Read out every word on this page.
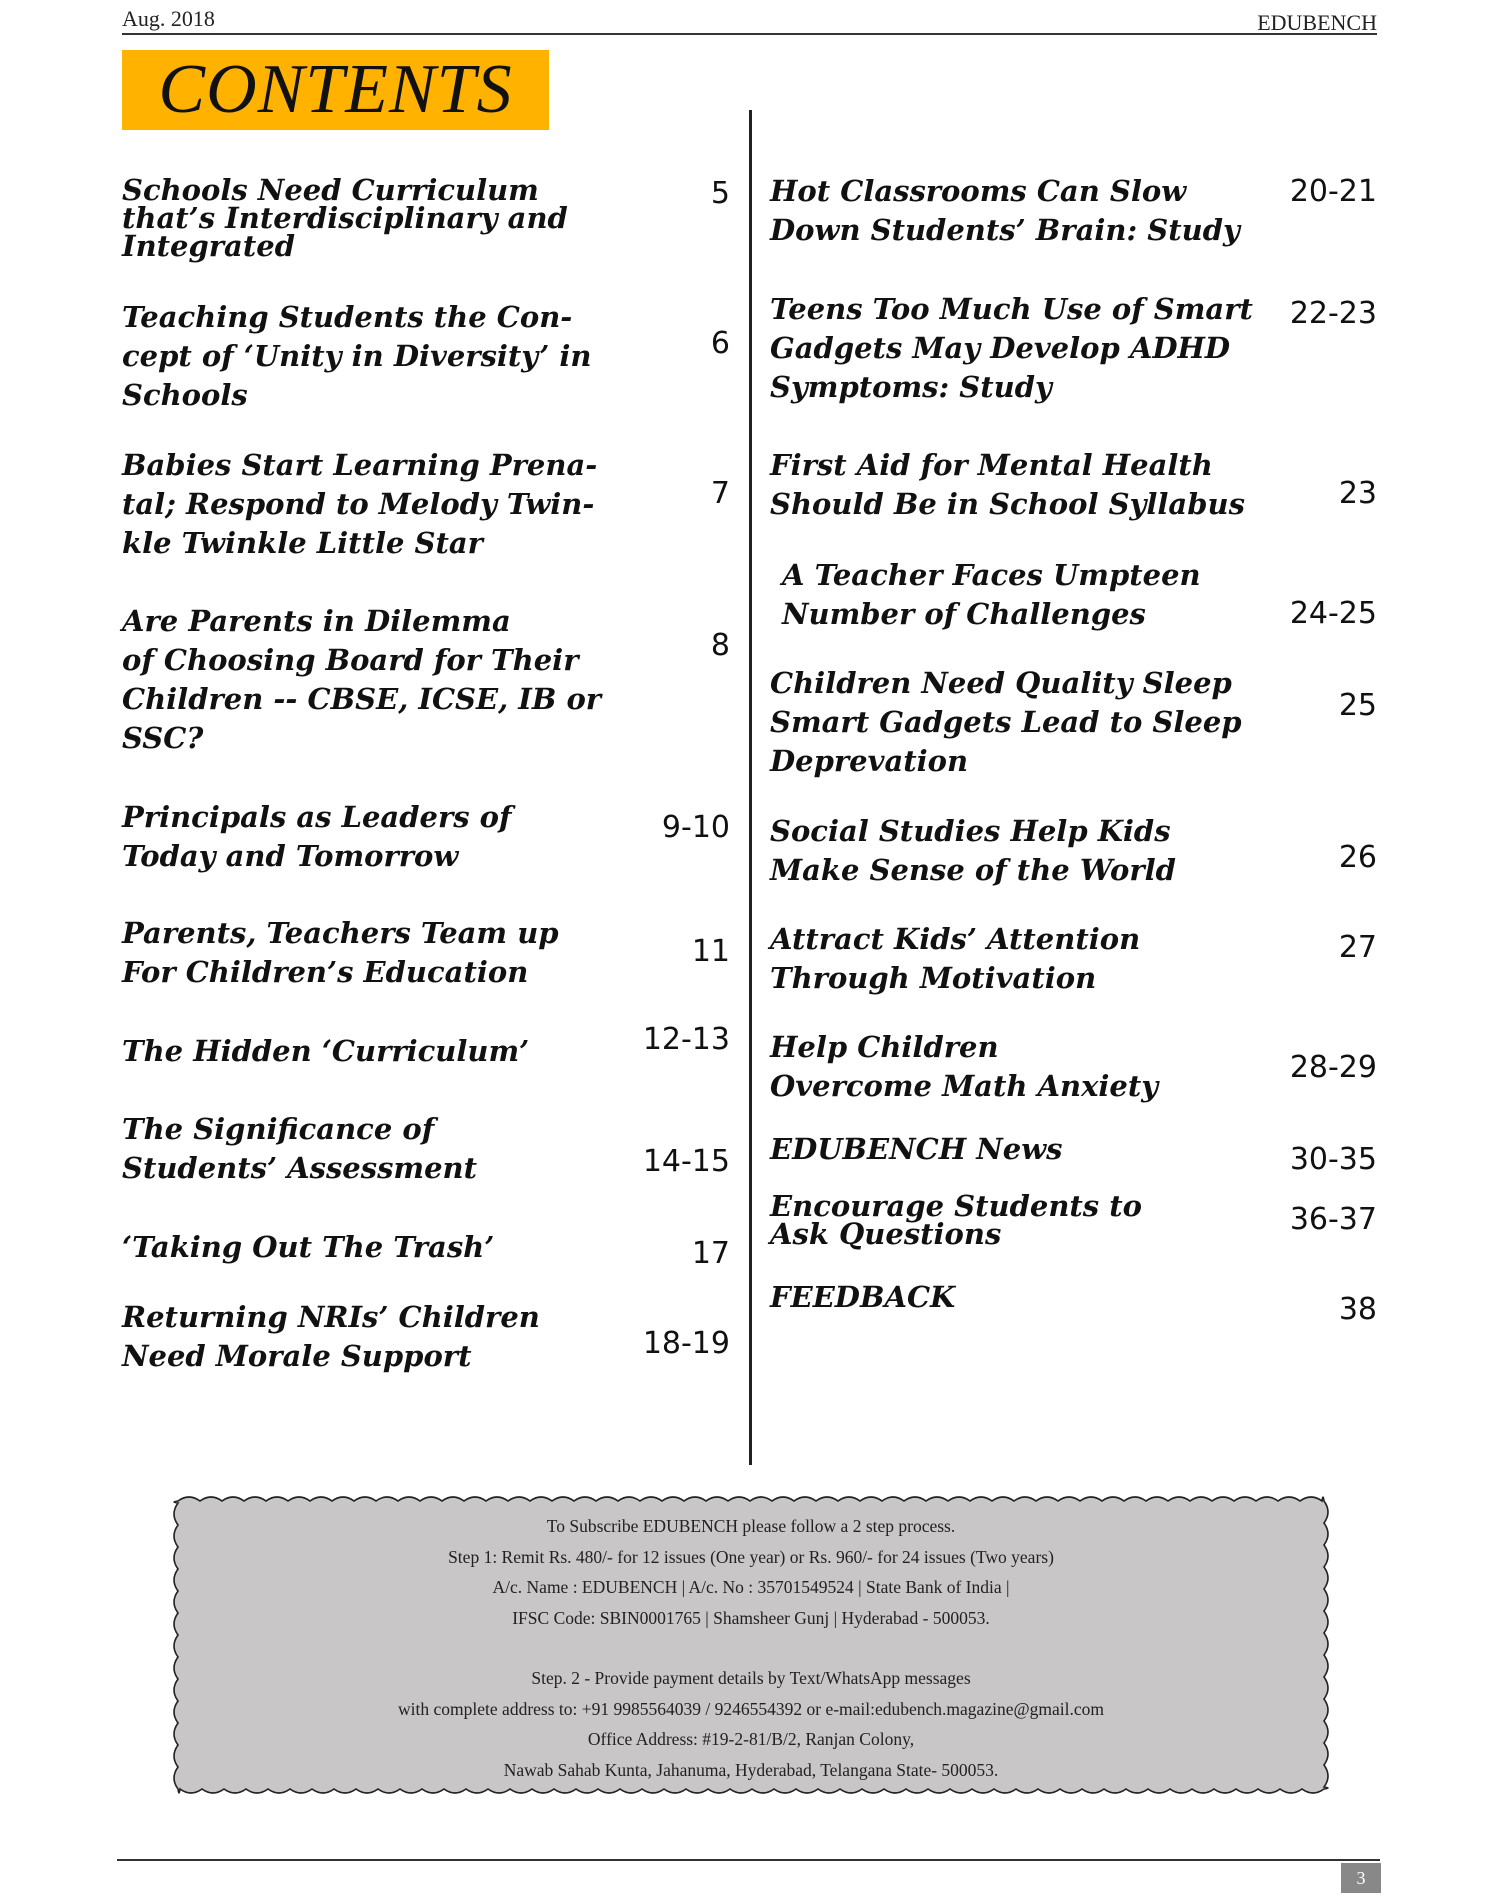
Aug. 2018	EDUBENCH
CONTENTS
Schools Need Curriculum
that’s Interdisciplinary and
Integrated
5
Teaching Students the Con-
cept of ‘Unity in Diversity’ in
Schools
6
Babies Start Learning Prena-
tal; Respond to Melody Twin-
kle Twinkle Little Star
7
Are Parents in Dilemma
of Choosing Board for Their
Children -- CBSE, ICSE, IB or
SSC?
8
Principals as Leaders of
Today and Tomorrow
9-10
Parents, Teachers Team up
For Children’s Education
11
The Hidden ‘Curriculum’	12-13
The Significance of
Students’ Assessment	14-15
‘Taking Out The Trash’	17
Returning NRIs’ Children
Need Morale Support	18-19
Hot Classrooms Can Slow
Down Students’ Brain: Study
20-21
Teens Too Much Use of Smart
Gadgets May Develop ADHD
Symptoms: Study
22-23
First Aid for Mental Health
Should Be in School Syllabus	23
A Teacher Faces Umpteen
Number of Challenges	24-25
Children Need Quality Sleep
Smart Gadgets Lead to Sleep
Deprevation
25
Social Studies Help Kids
Make Sense of the World	26
Attract Kids’ Attention
Through Motivation
27
Help Children
Overcome Math Anxiety
28-29
EDUBENCH News	30-35
Encourage Students to
Ask Questions	36-37
FEEDBACK	38
To Subscribe EDUBENCH please follow a 2 step process.
Step 1: Remit Rs. 480/- for 12 issues (One year) or Rs. 960/- for 24 issues (Two years)
A/c. Name : EDUBENCH | A/c. No : 35701549524 | State Bank of India |
IFSC Code: SBIN0001765 | Shamsheer Gunj | Hyderabad - 500053.
Step. 2 - Provide payment details by Text/WhatsApp messages
with complete address to: +91 9985564039 / 9246554392 or e-mail:edubench.magazine@gmail.com
Office Address: #19-2-81/B/2, Ranjan Colony,
Nawab Sahab Kunta, Jahanuma, Hyderabad, Telangana State- 500053.
3
